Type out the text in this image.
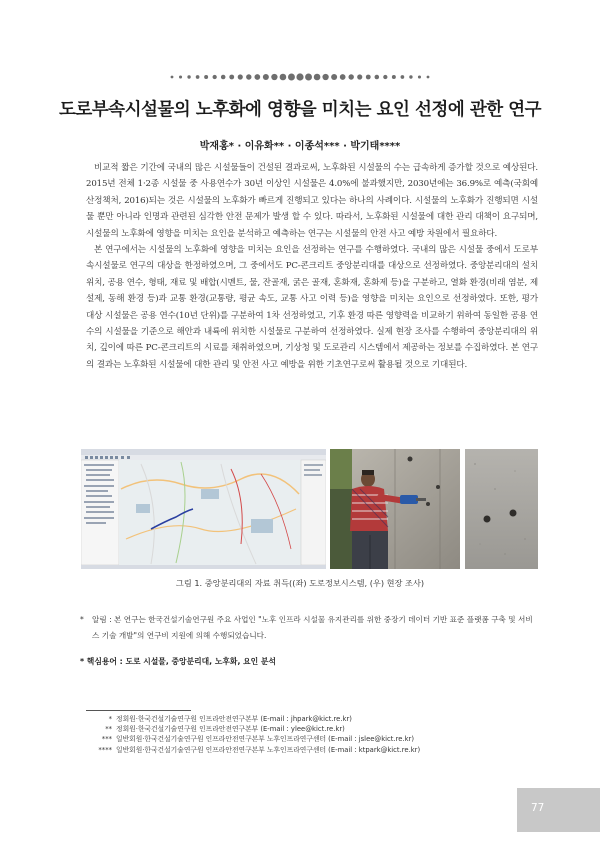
도로부속시설물의 노후화에 영향을 미치는 요인 선정에 관한 연구
박재홍* · 이유화** · 이종석*** · 박기태****

비교적 짧은 기간에 국내의 많은 시설물들이 건설된 결과로써, 노후화된 시설물의 수는 급속하게 증가할 것으로 예상된다. 2015년 전체 1·2종 시설물 중 사용연수가 30년 이상인 시설물은 4.0%에 불과했지만, 2030년에는 36.9%로 예측(국회예산정책처, 2016)되는 것은 시설물의 노후화가 빠르게 진행되고 있다는 하나의 사례이다. 시설물의 노후화가 진행되면 시설물 뿐만 아니라 인명과 관련된 심각한 안전 문제가 발생 할 수 있다. 따라서, 노후화된 시설물에 대한 관리 대책이 요구되며, 시설물의 노후화에 영향을 미치는 요인을 분석하고 예측하는 연구는 시설물의 안전 사고 예방 차원에서 필요하다.

본 연구에서는 시설물의 노후화에 영향을 미치는 요인을 선정하는 연구를 수행하였다. 국내의 많은 시설물 중에서 도로부속시설물로 연구의 대상을 한정하였으며, 그 중에서도 PC-콘크리트 중앙분리대를 대상으로 선정하였다. 중앙분리대의 설치 위치, 공용 연수, 형태, 재료 및 배합(시멘트, 물, 잔골재, 굵은 골재, 혼화재, 혼화제 등)을 구분하고, 열화 환경(비래 염분, 제설제, 동해 환경 등)과 교통 환경(교통량, 평균 속도, 교통 사고 이력 등)을 영향을 미치는 요인으로 선정하였다. 또한, 평가 대상 시설물은 공용 연수(10년 단위)를 구분하여 1차 선정하였고, 기후 환경 따른 영향력을 비교하기 위하여 동일한 공용 연수의 시설물을 기준으로 해안과 내륙에 위치한 시설물로 구분하여 선정하였다. 실제 현장 조사를 수행하여 중앙분리대의 위치, 깊이에 따른 PC-콘크리트의 시료를 채취하였으며, 기상청 및 도로관리 시스템에서 제공하는 정보를 수집하였다. 본 연구의 결과는 노후화된 시설물에 대한 관리 및 안전 사고 예방을 위한 기초연구로써 활용될 것으로 기대된다.

그림 1. 중앙분리대의 자료 취득((좌) 도로정보시스템, (우) 현장 조사)
*	알림 : 본 연구는 한국건설기술연구원 주요 사업인 "노후 인프라 시설물 유지관리를 위한 중장기 데이터 기반 표준 플랫폼 구축 및 서비스 기술 개발"의 연구비 지원에 의해 수행되었습니다.
* 핵심용어 : 도로 시설물, 중앙분리대, 노후화, 요인 분석
* 정회원·한국건설기술연구원 인프라안전연구본부 (E-mail : jhpark@kict.re.kr)
** 정회원·한국건설기술연구원 인프라안전연구본부 (E-mail : ylee@kict.re.kr)
*** 일반회원·한국건설기술연구원 인프라안전연구본부 노후인프라연구센터 (E-mail : jslee@kict.re.kr)
**** 일반회원·한국건설기술연구원 인프라안전연구본부 노후인프라연구센터 (E-mail : ktpark@kict.re.kr)
77
